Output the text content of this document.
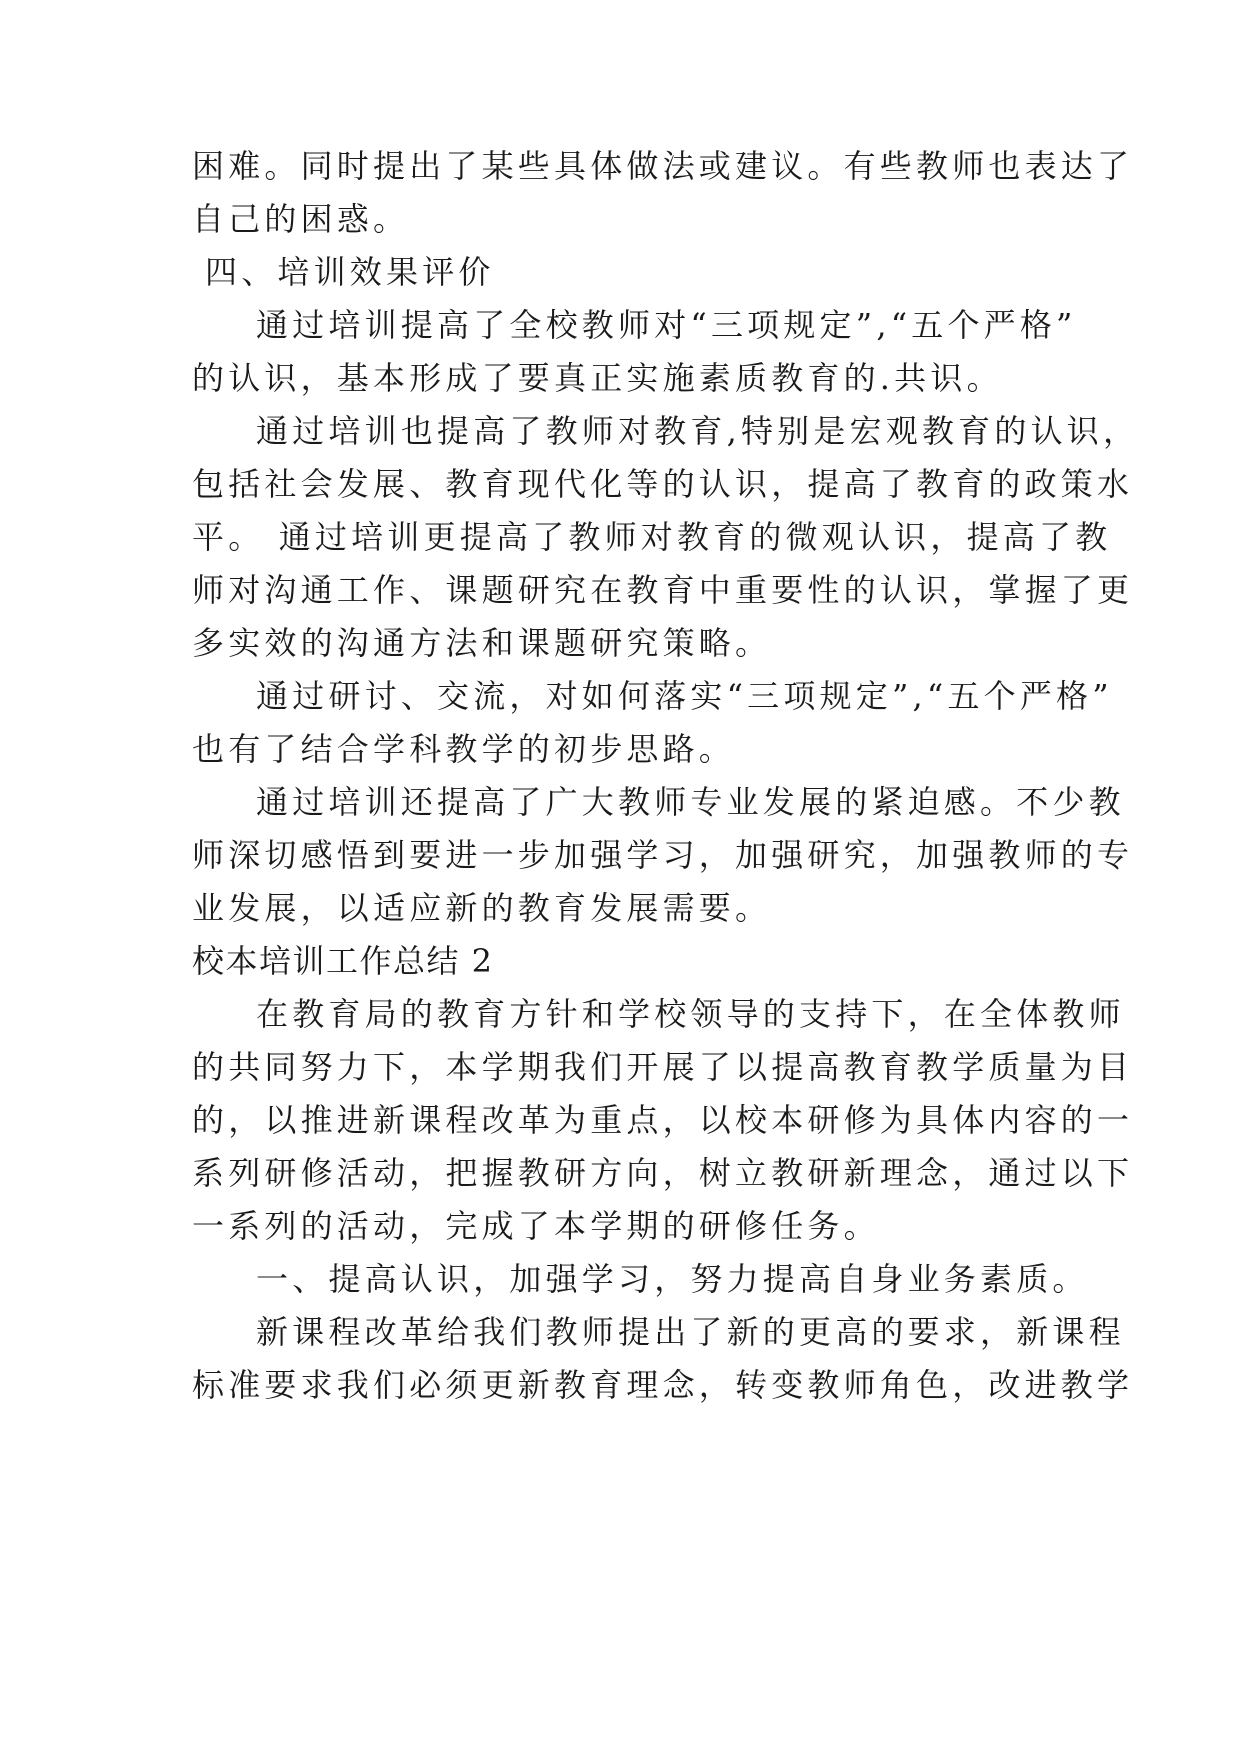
困难。同时提出了某些具体做法或建议。有些教师也表达了
自己的困惑。
四、培训效果评价
通过培训提高了全校教师对“三项规定”,“五个严格”
的认识，基本形成了要真正实施素质教育的.共识。
通过培训也提高了教师对教育,特别是宏观教育的认识，
包括社会发展、教育现代化等的认识，提高了教育的政策水
平。 通过培训更提高了教师对教育的微观认识，提高了教
师对沟通工作、课题研究在教育中重要性的认识，掌握了更
多实效的沟通方法和课题研究策略。
通过研讨、交流，对如何落实“三项规定”,“五个严格”
也有了结合学科教学的初步思路。
通过培训还提高了广大教师专业发展的紧迫感。不少教
师深切感悟到要进一步加强学习，加强研究，加强教师的专
业发展，以适应新的教育发展需要。
校本培训工作总结 2
在教育局的教育方针和学校领导的支持下，在全体教师
的共同努力下，本学期我们开展了以提高教育教学质量为目
的，以推进新课程改革为重点，以校本研修为具体内容的一
系列研修活动，把握教研方向，树立教研新理念，通过以下
一系列的活动，完成了本学期的研修任务。
一、提高认识，加强学习，努力提高自身业务素质。
新课程改革给我们教师提出了新的更高的要求，新课程
标准要求我们必须更新教育理念，转变教师角色，改进教学
